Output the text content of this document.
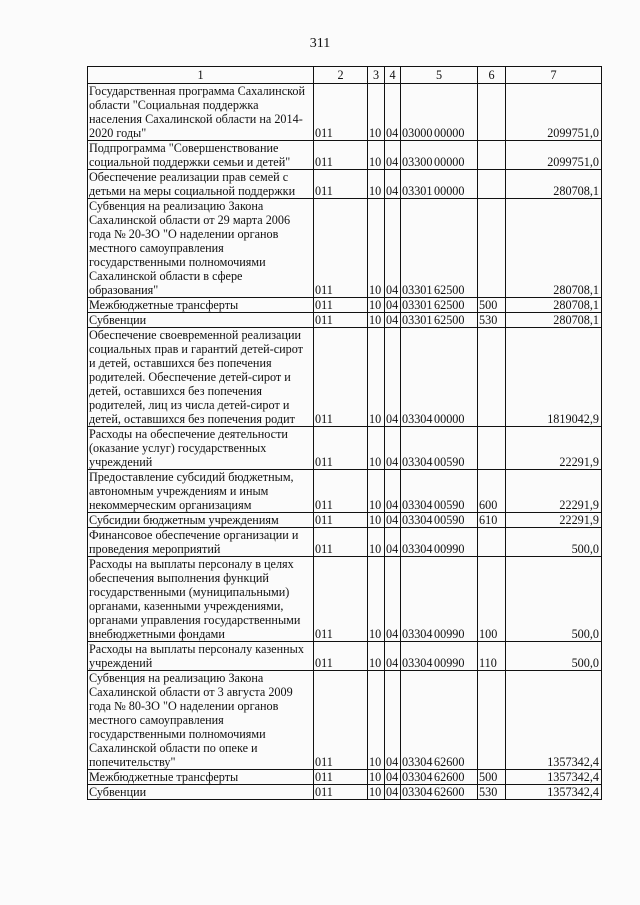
311
1	2	3	4	5	6	7
Государственная программа Сахалинской области "Социальная поддержка населения Сахалинской области на 2014-2020 годы"	011	10	04	03000 00000		2099751,0
Подпрограмма "Совершенствование социальной поддержки семьи и детей"	011	10	04	03300 00000		2099751,0
Обеспечение реализации прав семей с детьми на меры социальной поддержки	011	10	04	03301 00000		280708,1
Субвенция на реализацию Закона Сахалинской области от 29 марта 2006 года № 20-ЗО "О наделении органов местного самоуправления государственными полномочиями Сахалинской области в сфере образования"	011	10	04	03301 62500		280708,1
Межбюджетные трансферты	011	10	04	03301 62500	500	280708,1
Субвенции	011	10	04	03301 62500	530	280708,1
Обеспечение своевременной реализации социальных прав и гарантий детей-сирот и детей, оставшихся без попечения родителей. Обеспечение детей-сирот и детей, оставшихся без попечения родителей, лиц из числа детей-сирот и детей, оставшихся без попечения родит	011	10	04	03304 00000		1819042,9
Расходы на обеспечение деятельности (оказание услуг) государственных учреждений	011	10	04	03304 00590		22291,9
Предоставление субсидий бюджетным, автономным учреждениям и иным некоммерческим организациям	011	10	04	03304 00590	600	22291,9
Субсидии бюджетным учреждениям	011	10	04	03304 00590	610	22291,9
Финансовое обеспечение организации и проведения мероприятий	011	10	04	03304 00990		500,0
Расходы на выплаты персоналу в целях обеспечения выполнения функций государственными (муниципальными) органами, казенными учреждениями, органами управления государственными внебюджетными фондами	011	10	04	03304 00990	100	500,0
Расходы на выплаты персоналу казенных учреждений	011	10	04	03304 00990	110	500,0
Субвенция на реализацию Закона Сахалинской области от 3 августа 2009 года № 80-ЗО "О наделении органов местного самоуправления государственными полномочиями Сахалинской области по опеке и попечительству"	011	10	04	03304 62600		1357342,4
Межбюджетные трансферты	011	10	04	03304 62600	500	1357342,4
Субвенции	011	10	04	03304 62600	530	1357342,4
